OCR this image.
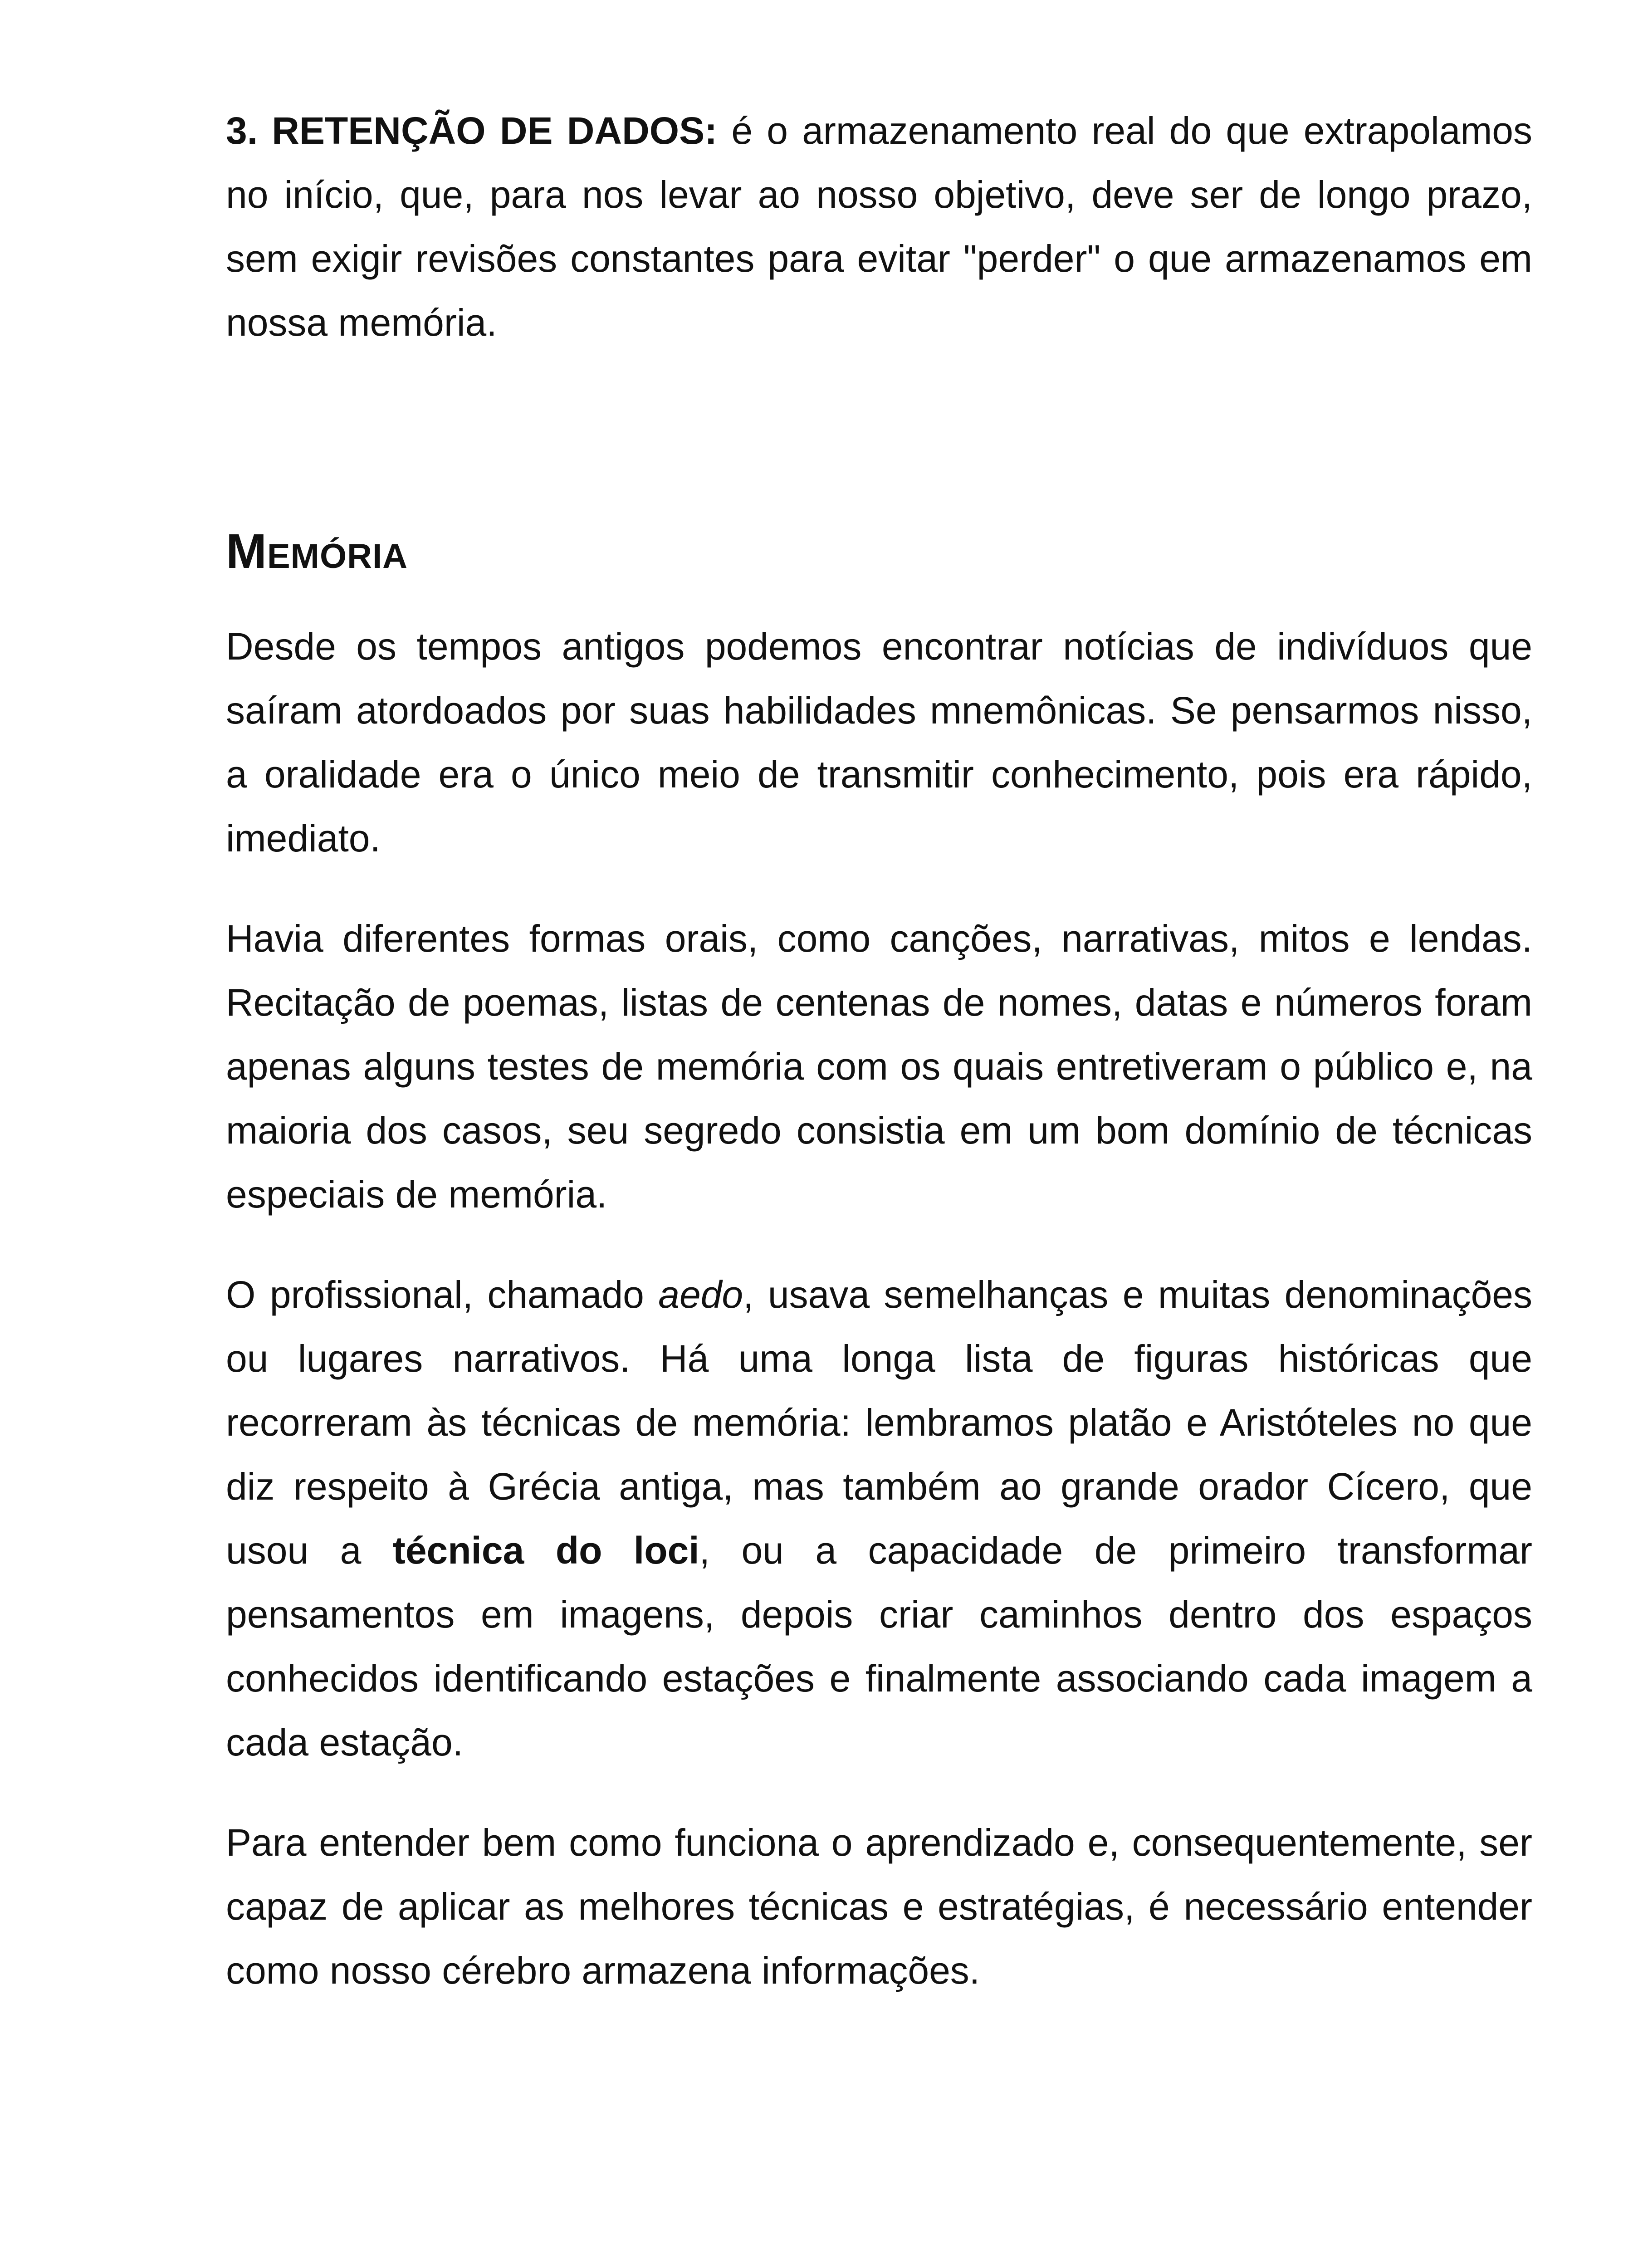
3. RETENÇÃO DE DADOS: é o armazenamento real do que extrapolamos no início, que, para nos levar ao nosso objetivo, deve ser de longo prazo, sem exigir revisões constantes para evitar "perder" o que armazenamos em nossa memória.

Memória

Desde os tempos antigos podemos encontrar notícias de indivíduos que saíram atordoados por suas habilidades mnemônicas. Se pensarmos nisso, a oralidade era o único meio de transmitir conhecimento, pois era rápido, imediato.

Havia diferentes formas orais, como canções, narrativas, mitos e lendas. Recitação de poemas, listas de centenas de nomes, datas e números foram apenas alguns testes de memória com os quais entretiveram o público e, na maioria dos casos, seu segredo consistia em um bom domínio de técnicas especiais de memória.

O profissional, chamado aedo, usava semelhanças e muitas denominações ou lugares narrativos. Há uma longa lista de figuras históricas que recorreram às técnicas de memória: lembramos platão e Aristóteles no que diz respeito à Grécia antiga, mas também ao grande orador Cícero, que usou a técnica do loci, ou a capacidade de primeiro transformar pensamentos em imagens, depois criar caminhos dentro dos espaços conhecidos identificando estações e finalmente associando cada imagem a cada estação.

Para entender bem como funciona o aprendizado e, consequentemente, ser capaz de aplicar as melhores técnicas e estratégias, é necessário entender como nosso cérebro armazena informações.
